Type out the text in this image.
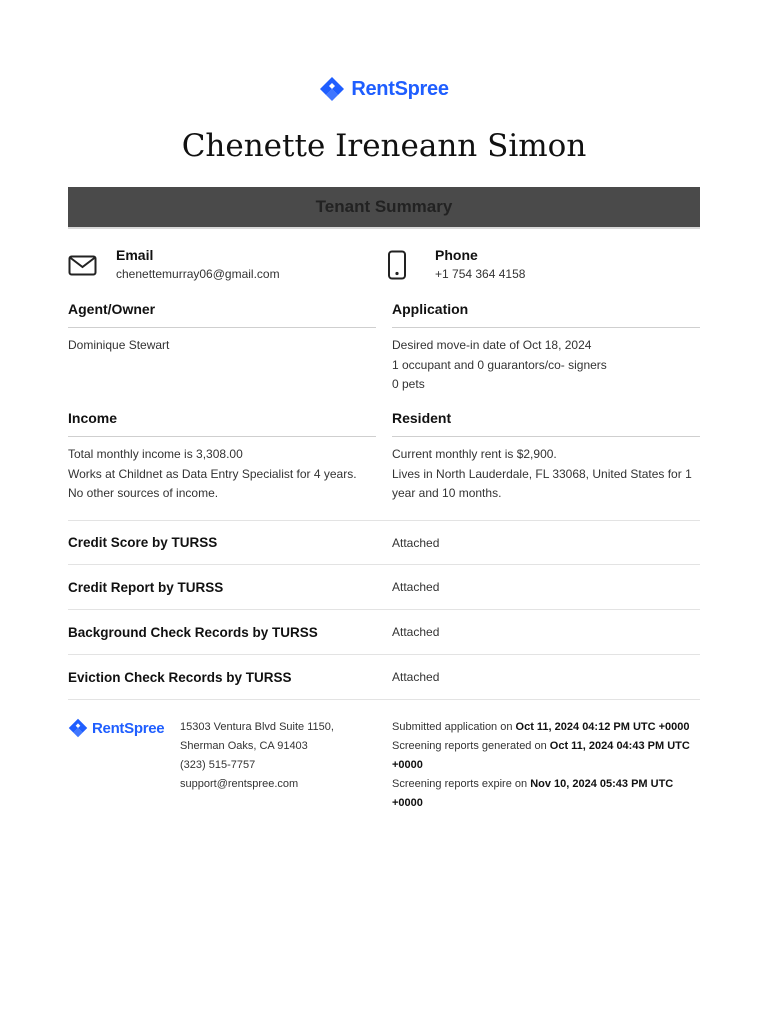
RentSpree
Chenette Ireneann Simon
Tenant Summary
Email
chenettemurray06@gmail.com
Phone
+1 754 364 4158
Agent/Owner
Dominique Stewart
Application
Desired move-in date of Oct 18, 2024
1 occupant and 0 guarantors/co- signers
0 pets
Income
Total monthly income is 3,308.00
Works at Childnet as Data Entry Specialist for 4 years.
No other sources of income.
Resident
Current monthly rent is $2,900.
Lives in North Lauderdale, FL 33068, United States for 1
year and 10 months.
Credit Score by TURSS	Attached
Credit Report by TURSS	Attached
Background Check Records by TURSS	Attached
Eviction Check Records by TURSS	Attached
RentSpree 15303 Ventura Blvd Suite 1150,
Sherman Oaks, CA 91403
(323) 515-7757
support@rentspree.com
Submitted application on Oct 11, 2024 04:12 PM UTC +0000
Screening reports generated on Oct 11, 2024 04:43 PM UTC
+0000
Screening reports expire on Nov 10, 2024 05:43 PM UTC +0000
